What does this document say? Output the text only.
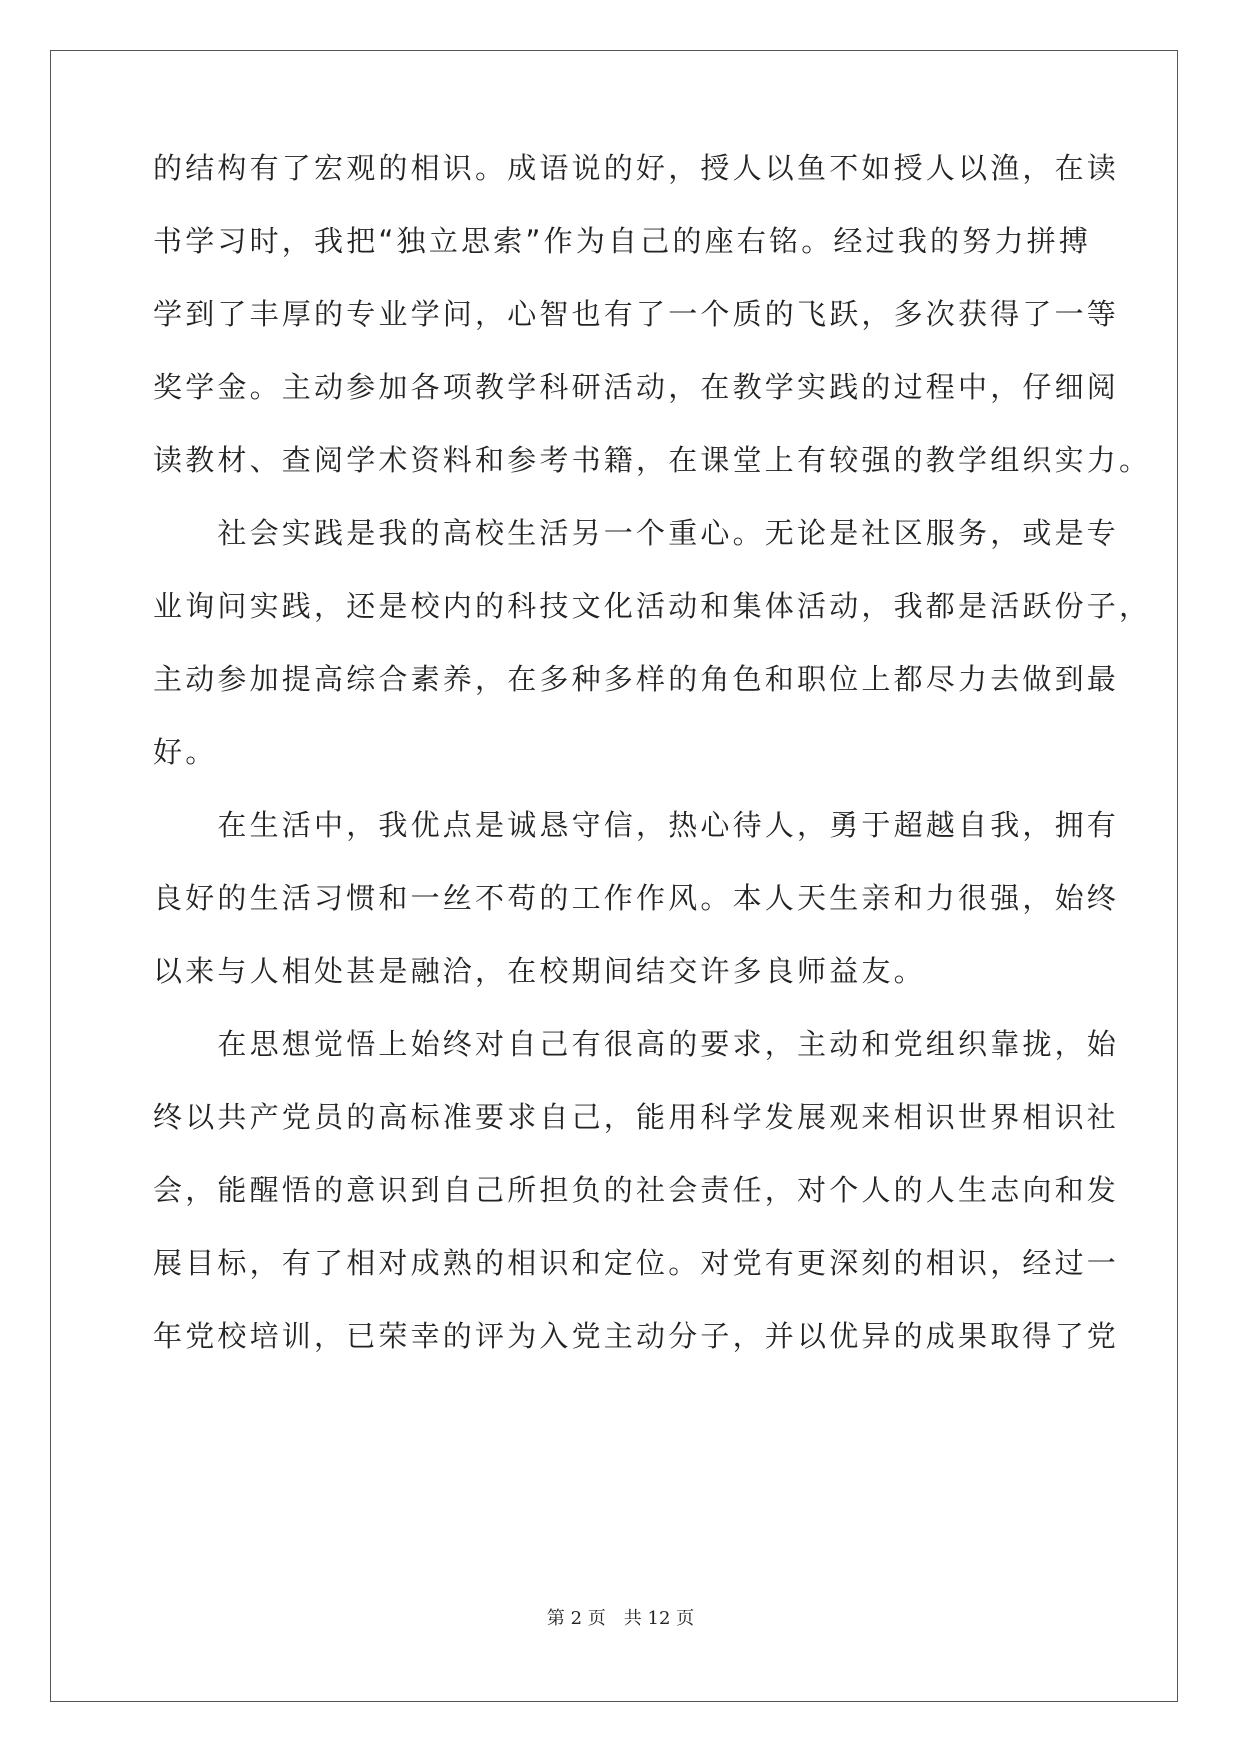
的结构有了宏观的相识。成语说的好，授人以鱼不如授人以渔，在读
书学习时，我把“独立思索”作为自己的座右铭。经过我的努力拼搏
学到了丰厚的专业学问，心智也有了一个质的飞跃，多次获得了一等
奖学金。主动参加各项教学科研活动，在教学实践的过程中，仔细阅
读教材、查阅学术资料和参考书籍，在课堂上有较强的教学组织实力。
　　社会实践是我的高校生活另一个重心。无论是社区服务，或是专
业询问实践，还是校内的科技文化活动和集体活动，我都是活跃份子，
主动参加提高综合素养，在多种多样的角色和职位上都尽力去做到最
好。
　　在生活中，我优点是诚恳守信，热心待人，勇于超越自我，拥有
良好的生活习惯和一丝不苟的工作作风。本人天生亲和力很强，始终
以来与人相处甚是融洽，在校期间结交许多良师益友。
　　在思想觉悟上始终对自己有很高的要求，主动和党组织靠拢，始
终以共产党员的高标准要求自己，能用科学发展观来相识世界相识社
会，能醒悟的意识到自己所担负的社会责任，对个人的人生志向和发
展目标，有了相对成熟的相识和定位。对党有更深刻的相识，经过一
年党校培训，已荣幸的评为入党主动分子，并以优异的成果取得了党
第 2 页　共 12 页
